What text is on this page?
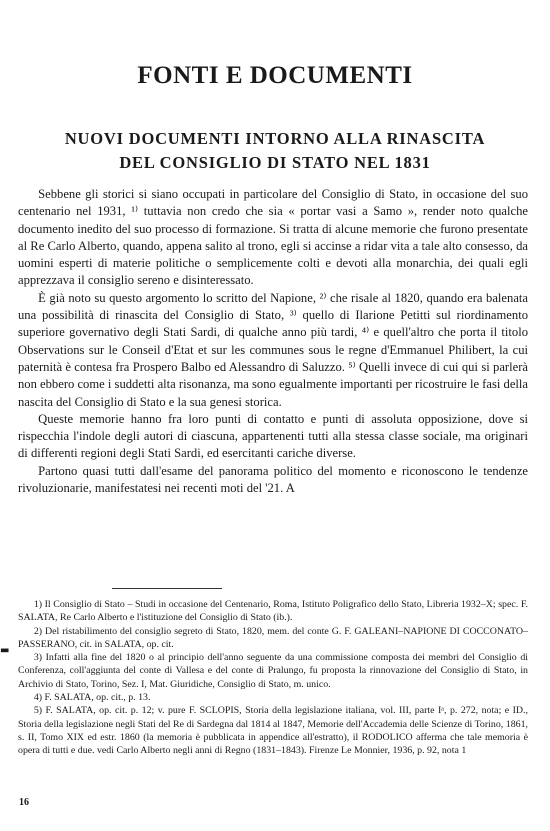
FONTI E DOCUMENTI
NUOVI DOCUMENTI INTORNO ALLA RINASCITA
DEL CONSIGLIO DI STATO NEL 1831

Sebbene gli storici si siano occupati in particolare del Consiglio di Stato, in occasione del suo centenario nel 1931, ¹⁾ tuttavia non credo che sia « portar vasi a Samo », render noto qualche documento inedito del suo processo di formazione. Si tratta di alcune memorie che furono presentate al Re Carlo Alberto, quando, appena salito al trono, egli si accinse a ridar vita a tale alto consesso, da uomini esperti di materie politiche o semplicemente colti e devoti alla monarchia, dei quali egli apprezzava il consiglio sereno e disinteressato.

È già noto su questo argomento lo scritto del Napione, ²⁾ che risale al 1820, quando era balenata una possibilità di rinascita del Consiglio di Stato, ³⁾ quello di Ilarione Petitti sul riordinamento superiore governativo degli Stati Sardi, di qualche anno più tardi, ⁴⁾ e quell'altro che porta il titolo Observations sur le Conseil d'Etat et sur les communes sous le regne d'Emmanuel Philibert, la cui paternità è contesa fra Prospero Balbo ed Alessandro di Saluzzo. ⁵⁾ Quelli invece di cui qui si parlerà non ebbero come i suddetti alta risonanza, ma sono egualmente importanti per ricostruire le fasi della nascita del Consiglio di Stato e la sua genesi storica.

Queste memorie hanno fra loro punti di contatto e punti di assoluta opposizione, dove si rispecchia l'indole degli autori di ciascuna, appartenenti tutti alla stessa classe sociale, ma originari di differenti regioni degli Stati Sardi, ed esercitanti cariche diverse.

Partono quasi tutti dall'esame del panorama politico del momento e riconoscono le tendenze rivoluzionarie, manifestatesi nei recenti moti del '21. A

1) Il Consiglio di Stato – Studi in occasione del Centenario, Roma, Istituto Poligrafico dello Stato, Libreria 1932–X; spec. F. SALATA, Re Carlo Alberto e l'istituzione del Consiglio di Stato (ib.).

2) Del ristabilimento del consiglio segreto di Stato, 1820, mem. del conte G. F. GALEANI–NAPIONE DI COCCONATO–PASSERANO, cit. in SALATA, op. cit.

3) Infatti alla fine del 1820 o al principio dell'anno seguente da una commissione composta dei membri del Consiglio di Conferenza, coll'aggiunta del conte di Vallesa e del conte di Pralungo, fu proposta la rinnovazione del Consiglio di Stato, in Archivio di Stato, Torino, Sez. I, Mat. Giuridiche, Consiglio di Stato, m. unico.

4) F. SALATA, op. cit., p. 13.

5) F. SALATA, op. cit. p. 12; v. pure F. SCLOPIS, Storia della legislazione italiana, vol. III, parte Iᵃ, p. 272, nota; e ID., Storia della legislazione negli Stati del Re di Sardegna dal 1814 al 1847, Memorie dell'Accademia delle Scienze di Torino, 1861, s. II, Tomo XIX ed estr. 1860 (la memoria è pubblicata in appendice all'estratto), il RODOLICO afferma che tale memoria è opera di tutti e due. vedi Carlo Alberto negli anni di Regno (1831–1843). Firenze Le Monnier, 1936, p. 92, nota 1

▬
16
